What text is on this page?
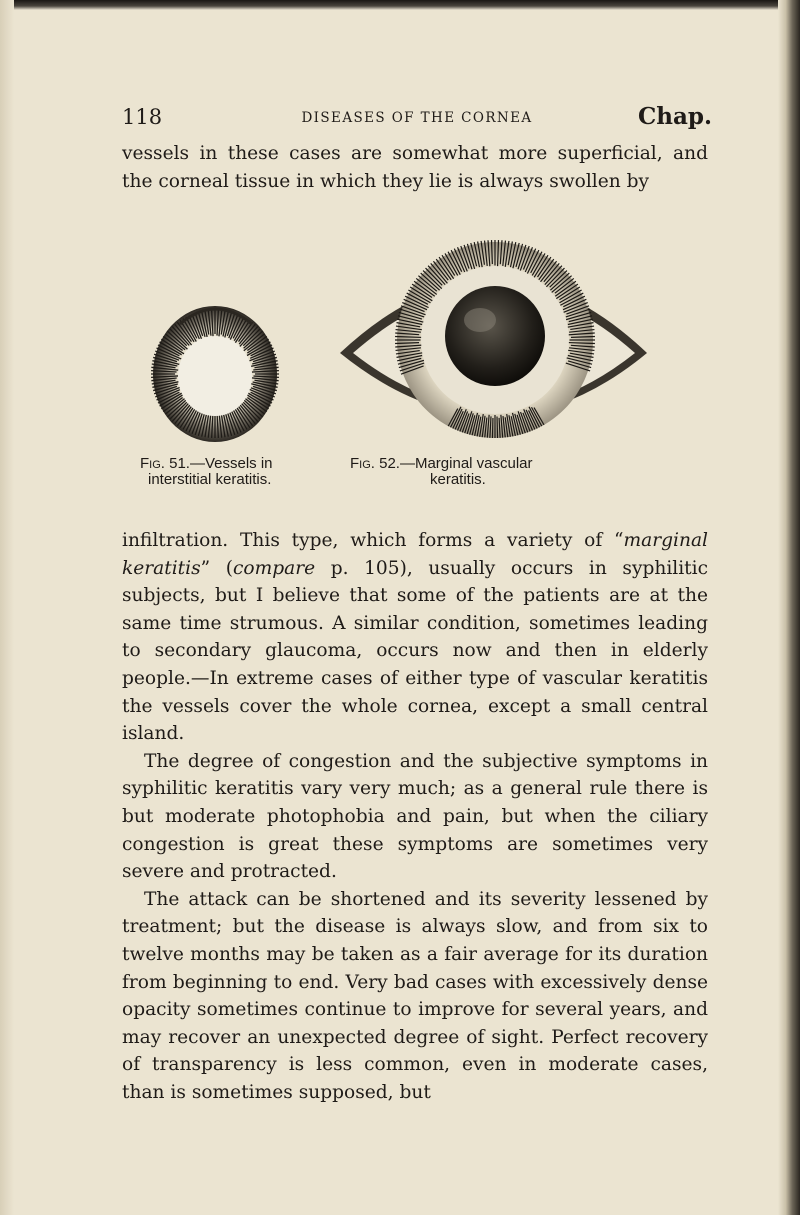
118	DISEASES OF THE CORNEA	Chap.

vessels in these cases are somewhat more superficial, and the corneal tissue in which they lie is always swollen by

Fig. 51.—Vessels in
interstitial keratitis.
Fig. 52.—Marginal vascular
keratitis.

infiltration. This type, which forms a variety of “marginal keratitis” (compare p. 105), usually occurs in syphilitic subjects, but I believe that some of the patients are at the same time strumous. A similar condition, sometimes leading to secondary glaucoma, occurs now and then in elderly people.—In extreme cases of either type of vascular keratitis the vessels cover the whole cornea, except a small central island.

The degree of congestion and the subjective symptoms in syphilitic keratitis vary very much; as a general rule there is but moderate photophobia and pain, but when the ciliary congestion is great these symptoms are sometimes very severe and protracted.

The attack can be shortened and its severity lessened by treatment; but the disease is always slow, and from six to twelve months may be taken as a fair average for its duration from beginning to end. Very bad cases with excessively dense opacity sometimes continue to improve for several years, and may recover an unexpected degree of sight. Perfect recovery of transparency is less common, even in moderate cases, than is sometimes supposed, but
